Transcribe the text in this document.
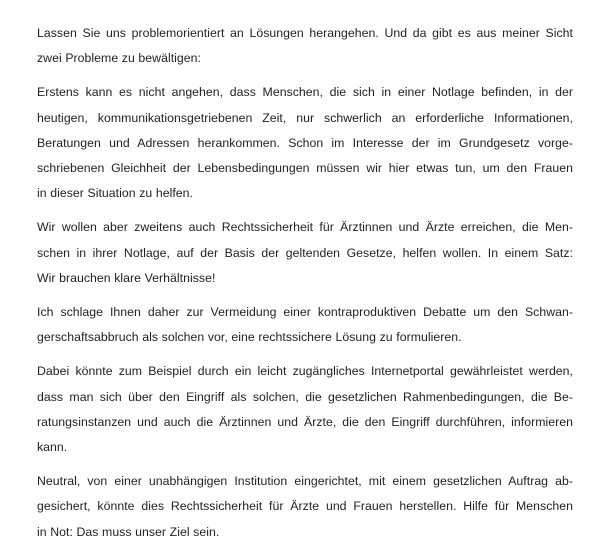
Lassen Sie uns problemorientiert an Lösungen herangehen. Und da gibt es aus meiner Sicht
zwei Probleme zu bewältigen:

Erstens kann es nicht angehen, dass Menschen, die sich in einer Notlage befinden, in der
heutigen, kommunikationsgetriebenen Zeit, nur schwerlich an erforderliche Informationen,
Beratungen und Adressen herankommen. Schon im Interesse der im Grundgesetz vorge-
schriebenen Gleichheit der Lebensbedingungen müssen wir hier etwas tun, um den Frauen
in dieser Situation zu helfen.

Wir wollen aber zweitens auch Rechtssicherheit für Ärztinnen und Ärzte erreichen, die Men-
schen in ihrer Notlage, auf der Basis der geltenden Gesetze, helfen wollen. In einem Satz:
Wir brauchen klare Verhältnisse!

Ich schlage Ihnen daher zur Vermeidung einer kontraproduktiven Debatte um den Schwan-
gerschaftsabbruch als solchen vor, eine rechtssichere Lösung zu formulieren.

Dabei könnte zum Beispiel durch ein leicht zugängliches Internetportal gewährleistet werden,
dass man sich über den Eingriff als solchen, die gesetzlichen Rahmenbedingungen, die Be-
ratungsinstanzen und auch die Ärztinnen und Ärzte, die den Eingriff durchführen, informieren
kann.

Neutral, von einer unabhängigen Institution eingerichtet, mit einem gesetzlichen Auftrag ab-
gesichert, könnte dies Rechtssicherheit für Ärzte und Frauen herstellen. Hilfe für Menschen
in Not: Das muss unser Ziel sein.
